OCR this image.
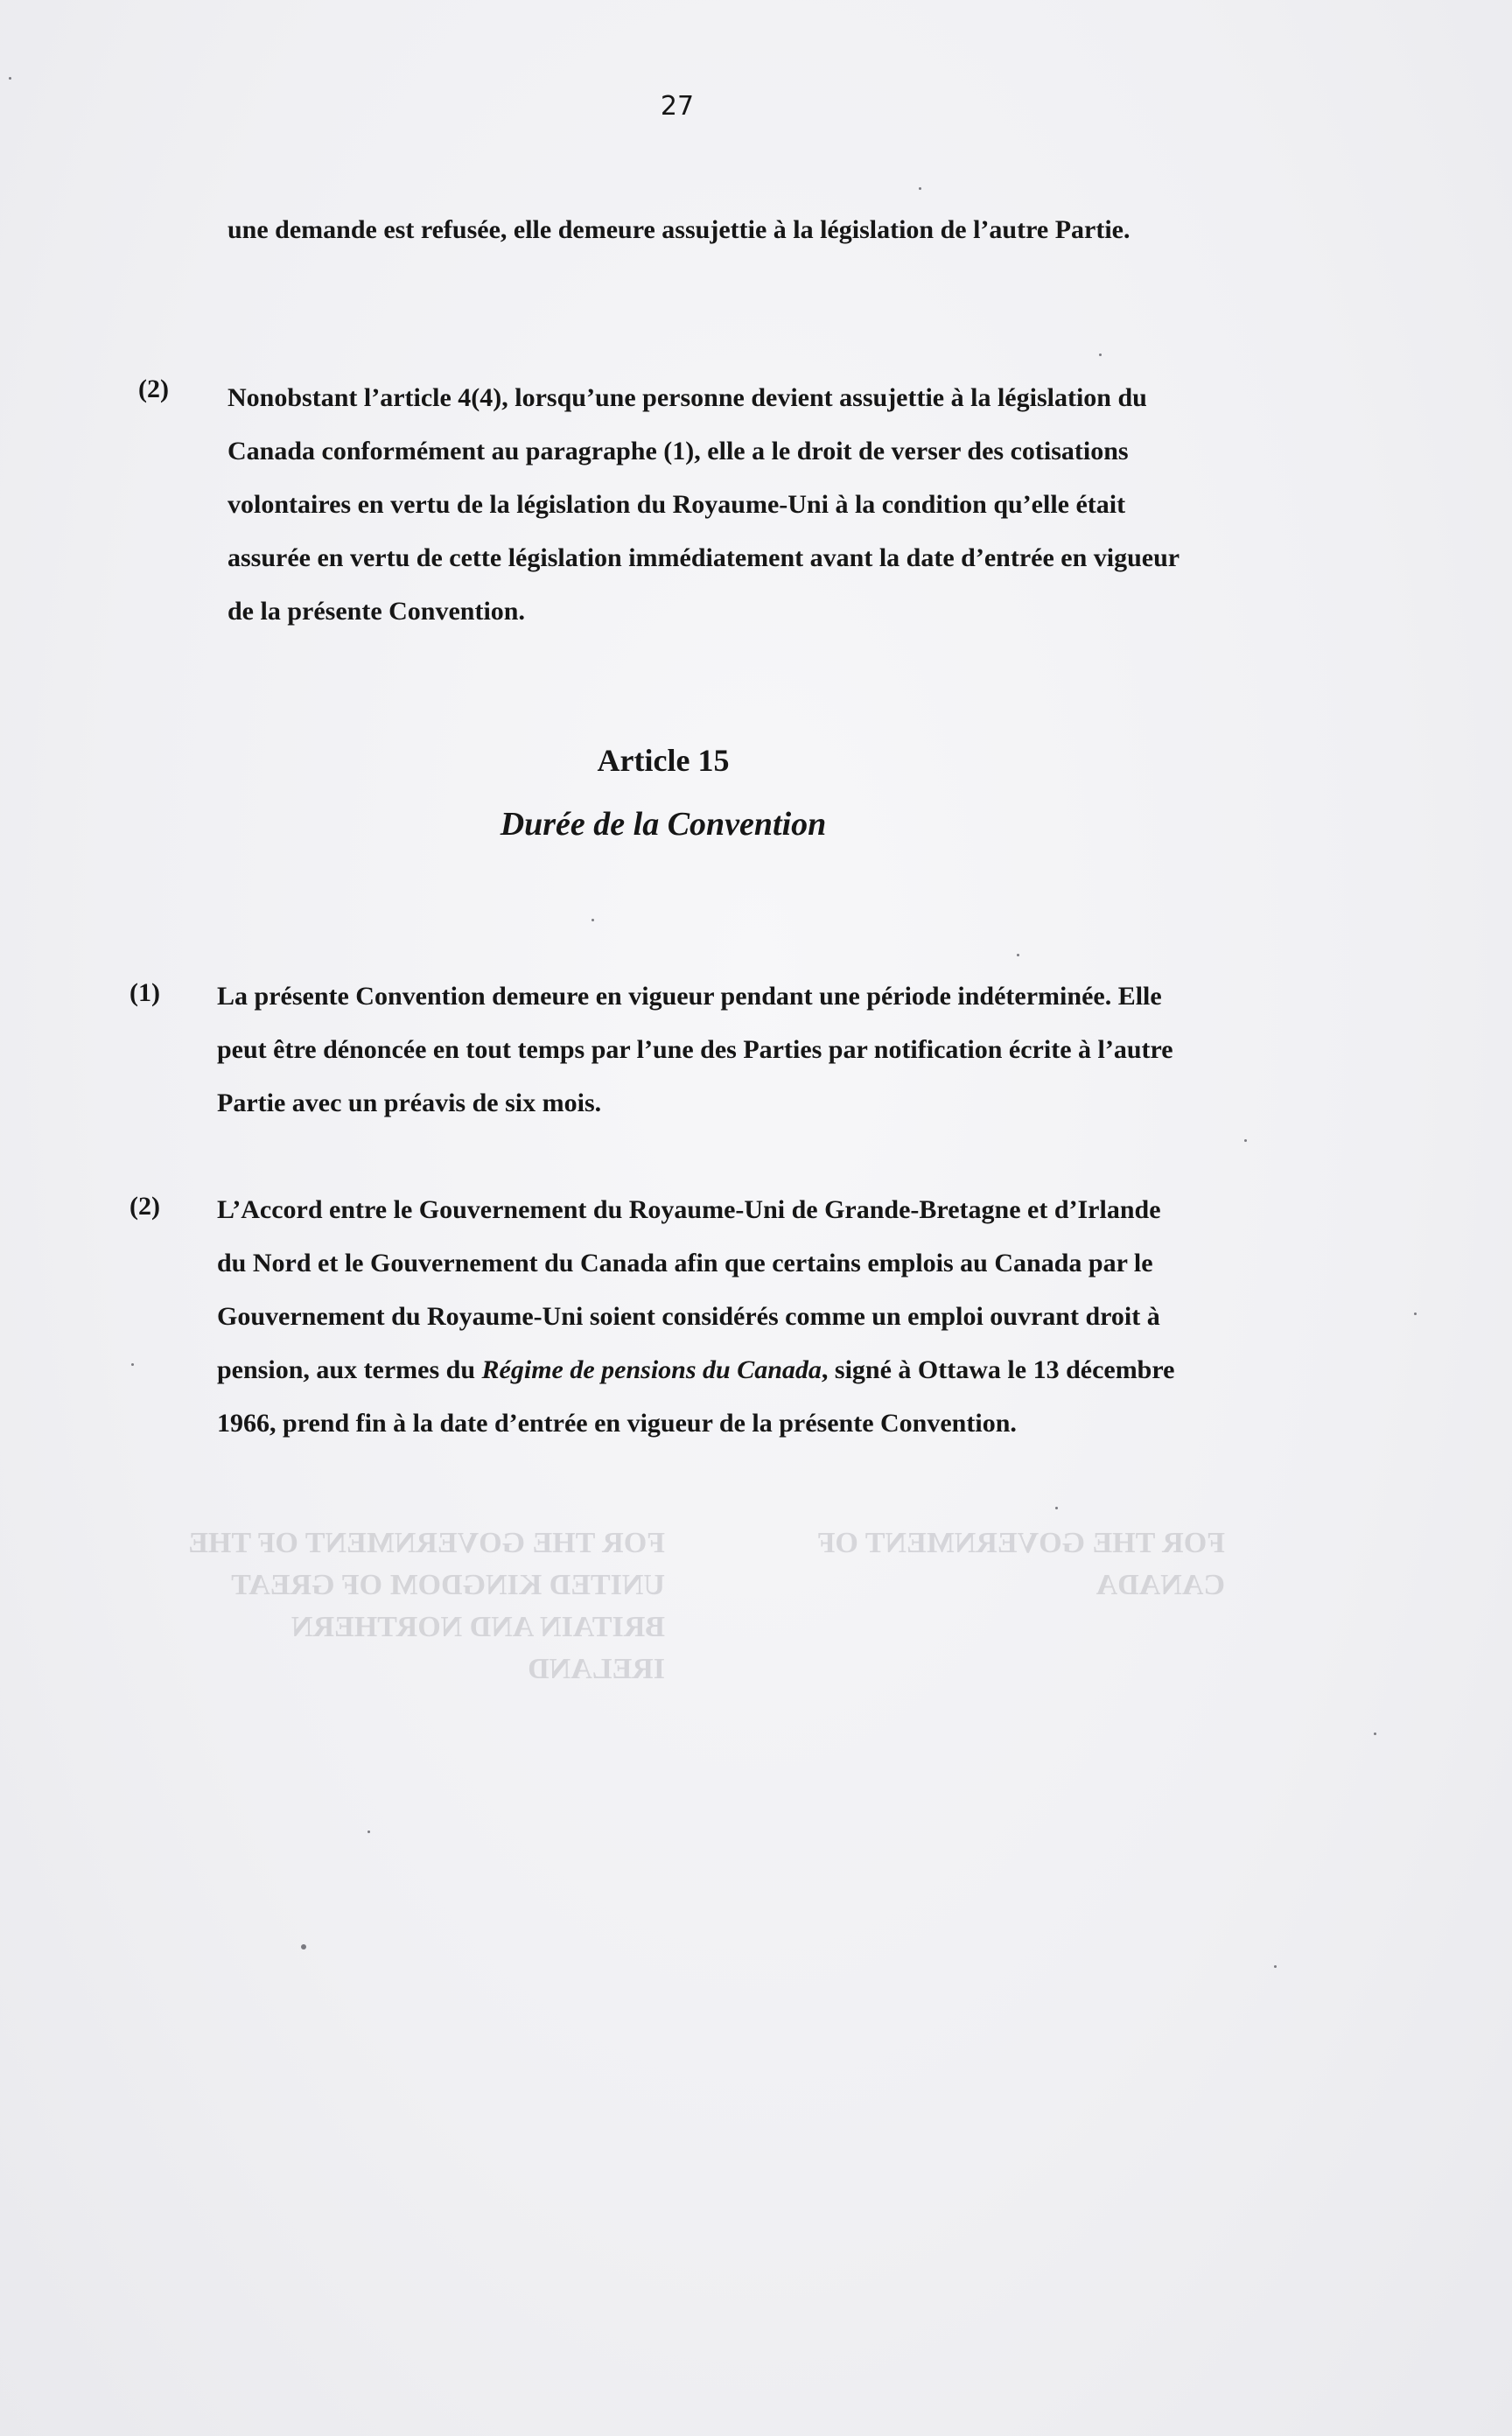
FOR THE GOVERNMENT OF CANADA
FOR THE GOVERNMENT OF THE UNITED KINGDOM OF GREAT BRITAIN AND NORTHERN IRELAND
27
une demande est refusée, elle demeure assujettie à la législation de l’autre Partie.
(2) Nonobstant l’article 4(4), lorsqu’une personne devient assujettie à la législation du Canada conformément au paragraphe (1), elle a le droit de verser des cotisations volontaires en vertu de la législation du Royaume-Uni à la condition qu’elle était assurée en vertu de cette législation immédiatement avant la date d’entrée en vigueur de la présente Convention.
Article 15
Durée de la Convention
(1) La présente Convention demeure en vigueur pendant une période indéterminée. Elle peut être dénoncée en tout temps par l’une des Parties par notification écrite à l’autre Partie avec un préavis de six mois.
(2) L’Accord entre le Gouvernement du Royaume-Uni de Grande-Bretagne et d’Irlande du Nord et le Gouvernement du Canada afin que certains emplois au Canada par le Gouvernement du Royaume-Uni soient considérés comme un emploi ouvrant droit à pension, aux termes du Régime de pensions du Canada, signé à Ottawa le 13 décembre 1966, prend fin à la date d’entrée en vigueur de la présente Convention.
